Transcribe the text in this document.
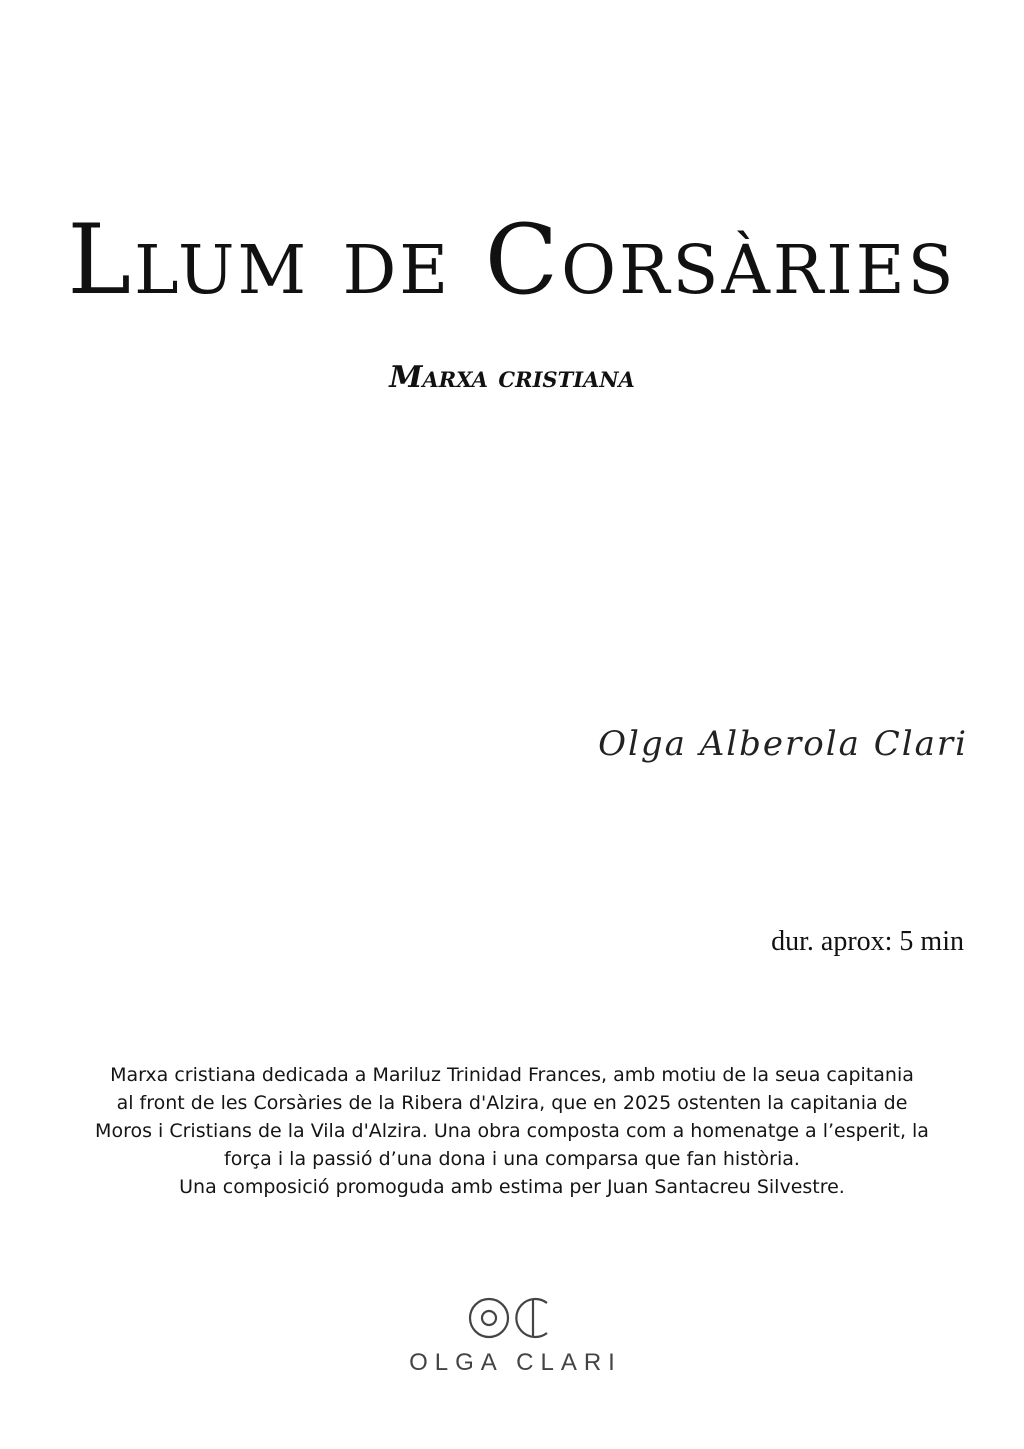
Llum de Corsàries
Marxa cristiana

Olga Alberola Clari

dur. aprox: 5 min

Marxa cristiana dedicada a Mariluz Trinidad Frances, amb motiu de la seua capitania
al front de les Corsàries de la Ribera d'Alzira, que en 2025 ostenten la capitania de
Moros i Cristians de la Vila d'Alzira. Una obra composta com a homenatge a l’esperit, la
força i la passió d’una dona i una comparsa que fan història.
Una composició promoguda amb estima per Juan Santacreu Silvestre.

OLGA CLARI
